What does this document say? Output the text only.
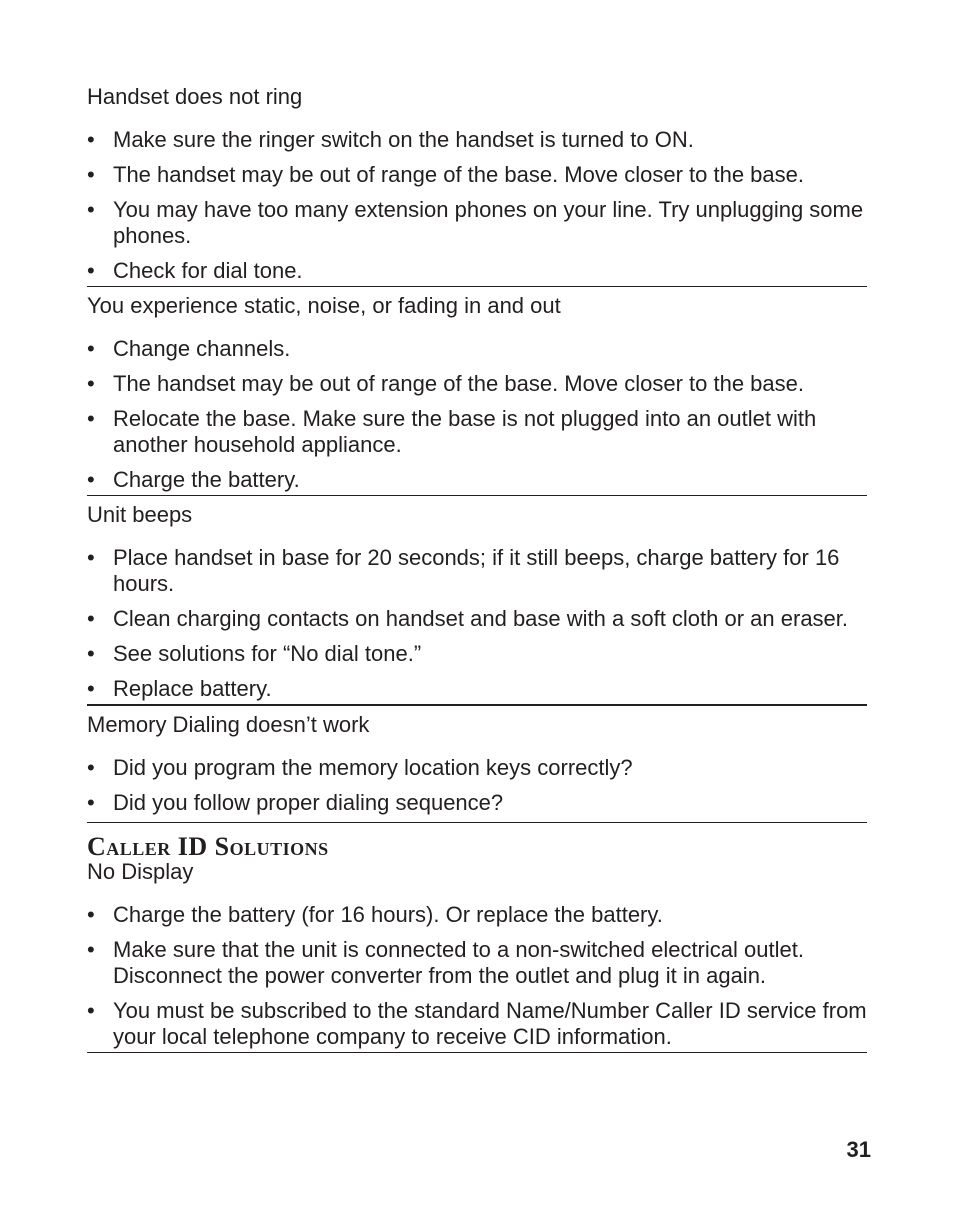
Handset does not ring

• Make sure the ringer switch on the handset is turned to ON.
• The handset may be out of range of the base. Move closer to the base.
• You may have too many extension phones on your line. Try unplugging some phones.
• Check for dial tone.

You experience static, noise, or fading in and out

• Change channels.
• The handset may be out of range of the base. Move closer to the base.
• Relocate the base. Make sure the base is not plugged into an outlet with another household appliance.
• Charge the battery.

Unit beeps

• Place handset in base for 20 seconds; if it still beeps, charge battery for 16 hours.
• Clean charging contacts on handset and base with a soft cloth or an eraser.
• See solutions for “No dial tone.”
• Replace battery.

Memory Dialing doesn’t work

• Did you program the memory location keys correctly?
• Did you follow proper dialing sequence?
Caller ID Solutions

No Display

• Charge the battery (for 16 hours). Or replace the battery.
• Make sure that the unit is connected to a non-switched electrical outlet. Disconnect the power converter from the outlet and plug it in again.
• You must be subscribed to the standard Name/Number Caller ID service from your local telephone company to receive CID information.
31
